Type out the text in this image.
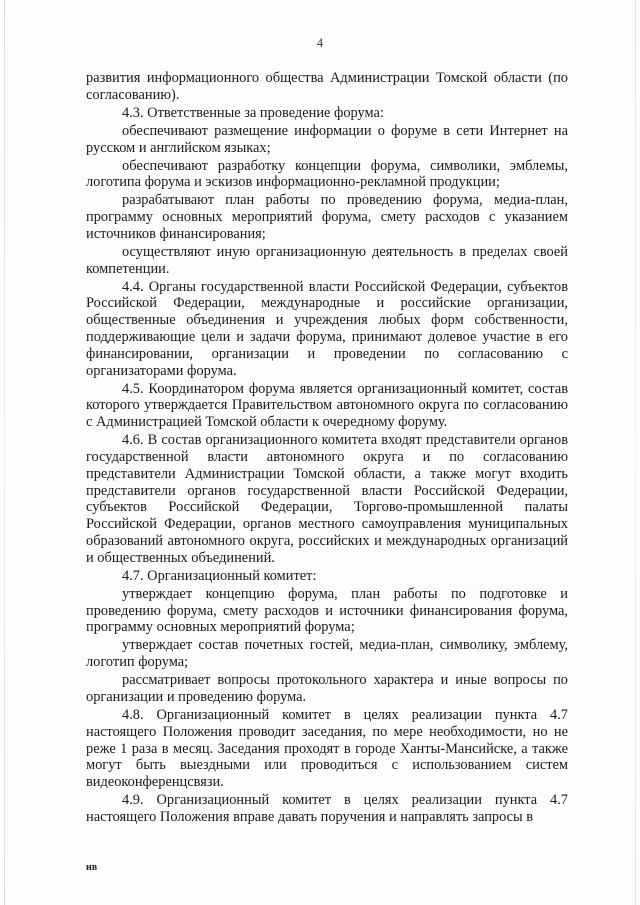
4

развития информационного общества Администрации Томской области (по согласованию).

4.3. Ответственные за проведение форума:

обеспечивают размещение информации о форуме в сети Интернет на русском и английском языках;

обеспечивают разработку концепции форума, символики, эмблемы, логотипа форума и эскизов информационно-рекламной продукции;

разрабатывают план работы по проведению форума, медиа-план, программу основных мероприятий форума, смету расходов с указанием источников финансирования;

осуществляют иную организационную деятельность в пределах своей компетенции.

4.4. Органы государственной власти Российской Федерации, субъектов Российской Федерации, международные и российские организации, общественные объединения и учреждения любых форм собственности, поддерживающие цели и задачи форума, принимают долевое участие в его финансировании, организации и проведении по согласованию с организаторами форума.

4.5. Координатором форума является организационный комитет, состав которого утверждается Правительством автономного округа по согласованию с Администрацией Томской области к очередному форуму.

4.6. В состав организационного комитета входят представители органов государственной власти автономного округа и по согласованию представители Администрации Томской области, а также могут входить представители органов государственной власти Российской Федерации, субъектов Российской Федерации, Торгово-промышленной палаты Российской Федерации, органов местного самоуправления муниципальных образований автономного округа, российских и международных организаций и общественных объединений.

4.7. Организационный комитет:

утверждает концепцию форума, план работы по подготовке и проведению форума, смету расходов и источники финансирования форума, программу основных мероприятий форума;

утверждает состав почетных гостей, медиа-план, символику, эмблему, логотип форума;

рассматривает вопросы протокольного характера и иные вопросы по организации и проведению форума.

4.8. Организационный комитет в целях реализации пункта 4.7 настоящего Положения проводит заседания, по мере необходимости, но не реже 1 раза в месяц. Заседания проходят в городе Ханты-Мансийске, а также могут быть выездными или проводиться с использованием систем видеоконференцсвязи.

4.9. Организационный комитет в целях реализации пункта 4.7 настоящего Положения вправе давать поручения и направлять запросы в

нв
